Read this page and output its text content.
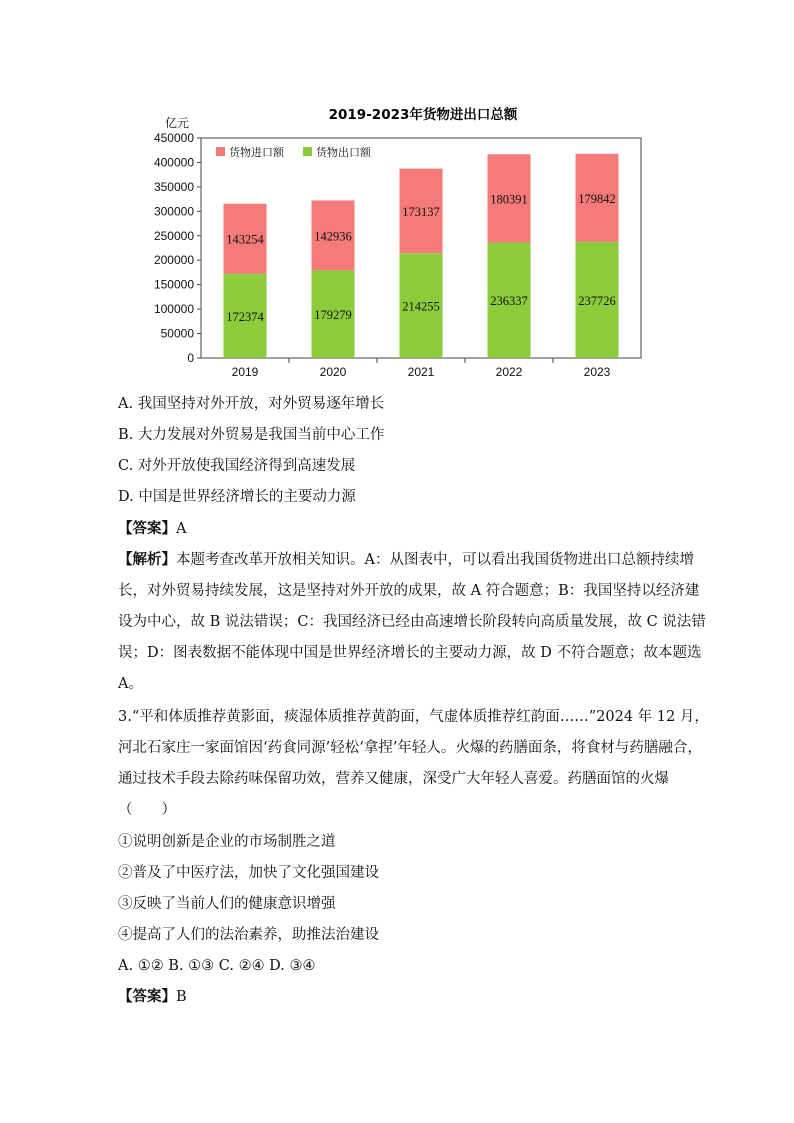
2019-2023年货物进出口总额
亿元
0
50000
100000
150000
200000
250000
300000
350000
400000
450000
172374
143254
2019
179279
142936
2020
214255
173137
2021
236337
180391
2022
237726
179842
2023
货物进口额	货物出口额
A. 我国坚持对外开放，对外贸易逐年增长
B. 大力发展对外贸易是我国当前中心工作
C. 对外开放使我国经济得到高速发展
D. 中国是世界经济增长的主要动力源
【答案】A
【解析】本题考查改革开放相关知识。A：从图表中，可以看出我国货物进出口总额持续增
长，对外贸易持续发展，这是坚持对外开放的成果，故 A 符合题意；B：我国坚持以经济建
设为中心，故 B 说法错误；C：我国经济已经由高速增长阶段转向高质量发展，故 C 说法错
误；D：图表数据不能体现中国是世界经济增长的主要动力源，故 D 不符合题意；故本题选
A。
3.“平和体质推荐黄影面，痰湿体质推荐黄韵面，气虚体质推荐红韵面……”2024 年 12 月，
河北石家庄一家面馆因‘药食同源’轻松‘拿捏’年轻人。火爆的药膳面条，将食材与药膳融合，
通过技术手段去除药味保留功效，营养又健康，深受广大年轻人喜爱。药膳面馆的火爆
（　　）
①说明创新是企业的市场制胜之道
②普及了中医疗法，加快了文化强国建设
③反映了当前人们的健康意识增强
④提高了人们的法治素养，助推法治建设
A. ①② B. ①③ C. ②④ D. ③④
【答案】B
